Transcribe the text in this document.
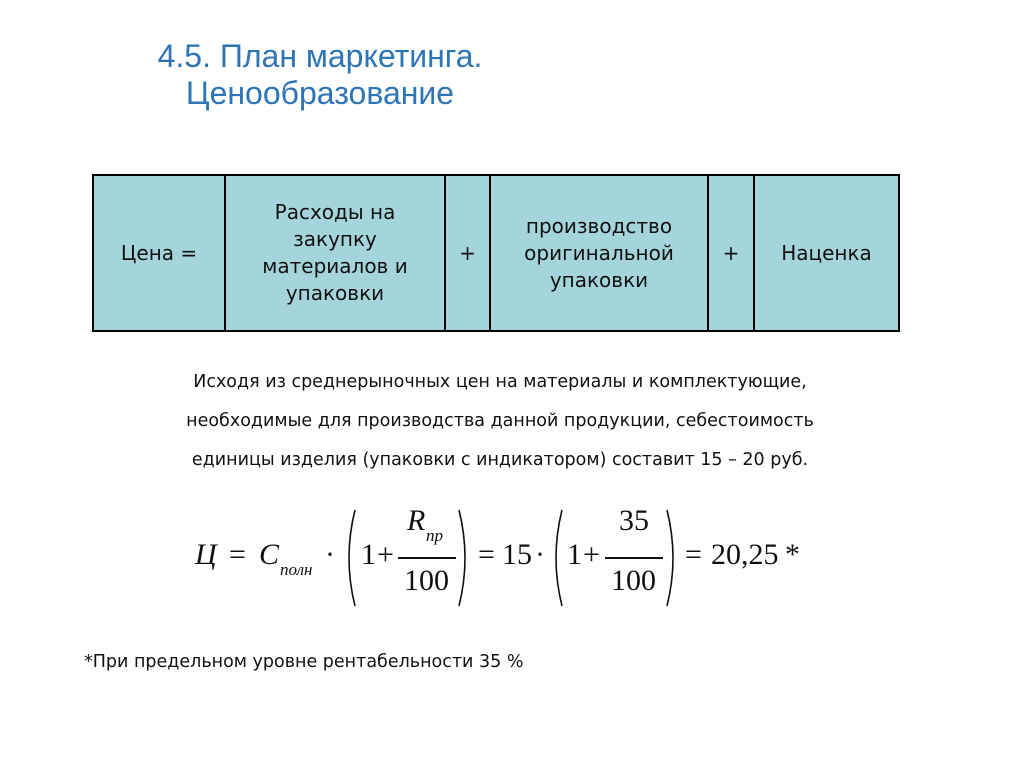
4.5. План маркетинга.
Ценообразование
Цена =	Расходы на закупку материалов и упаковки	+	производство оригинальной упаковки	+	Наценка
Исходя из среднерыночных цен на материалы и комплектующие,
необходимые для производства данной продукции, себестоимость
единицы изделия (упаковки с индикатором) составит 15 – 20 руб.
Ц = С полн · 1 +
R пр
100
= 15 · 1 +
35
100
= 20,25 *
*При предельном уровне рентабельности 35 %
